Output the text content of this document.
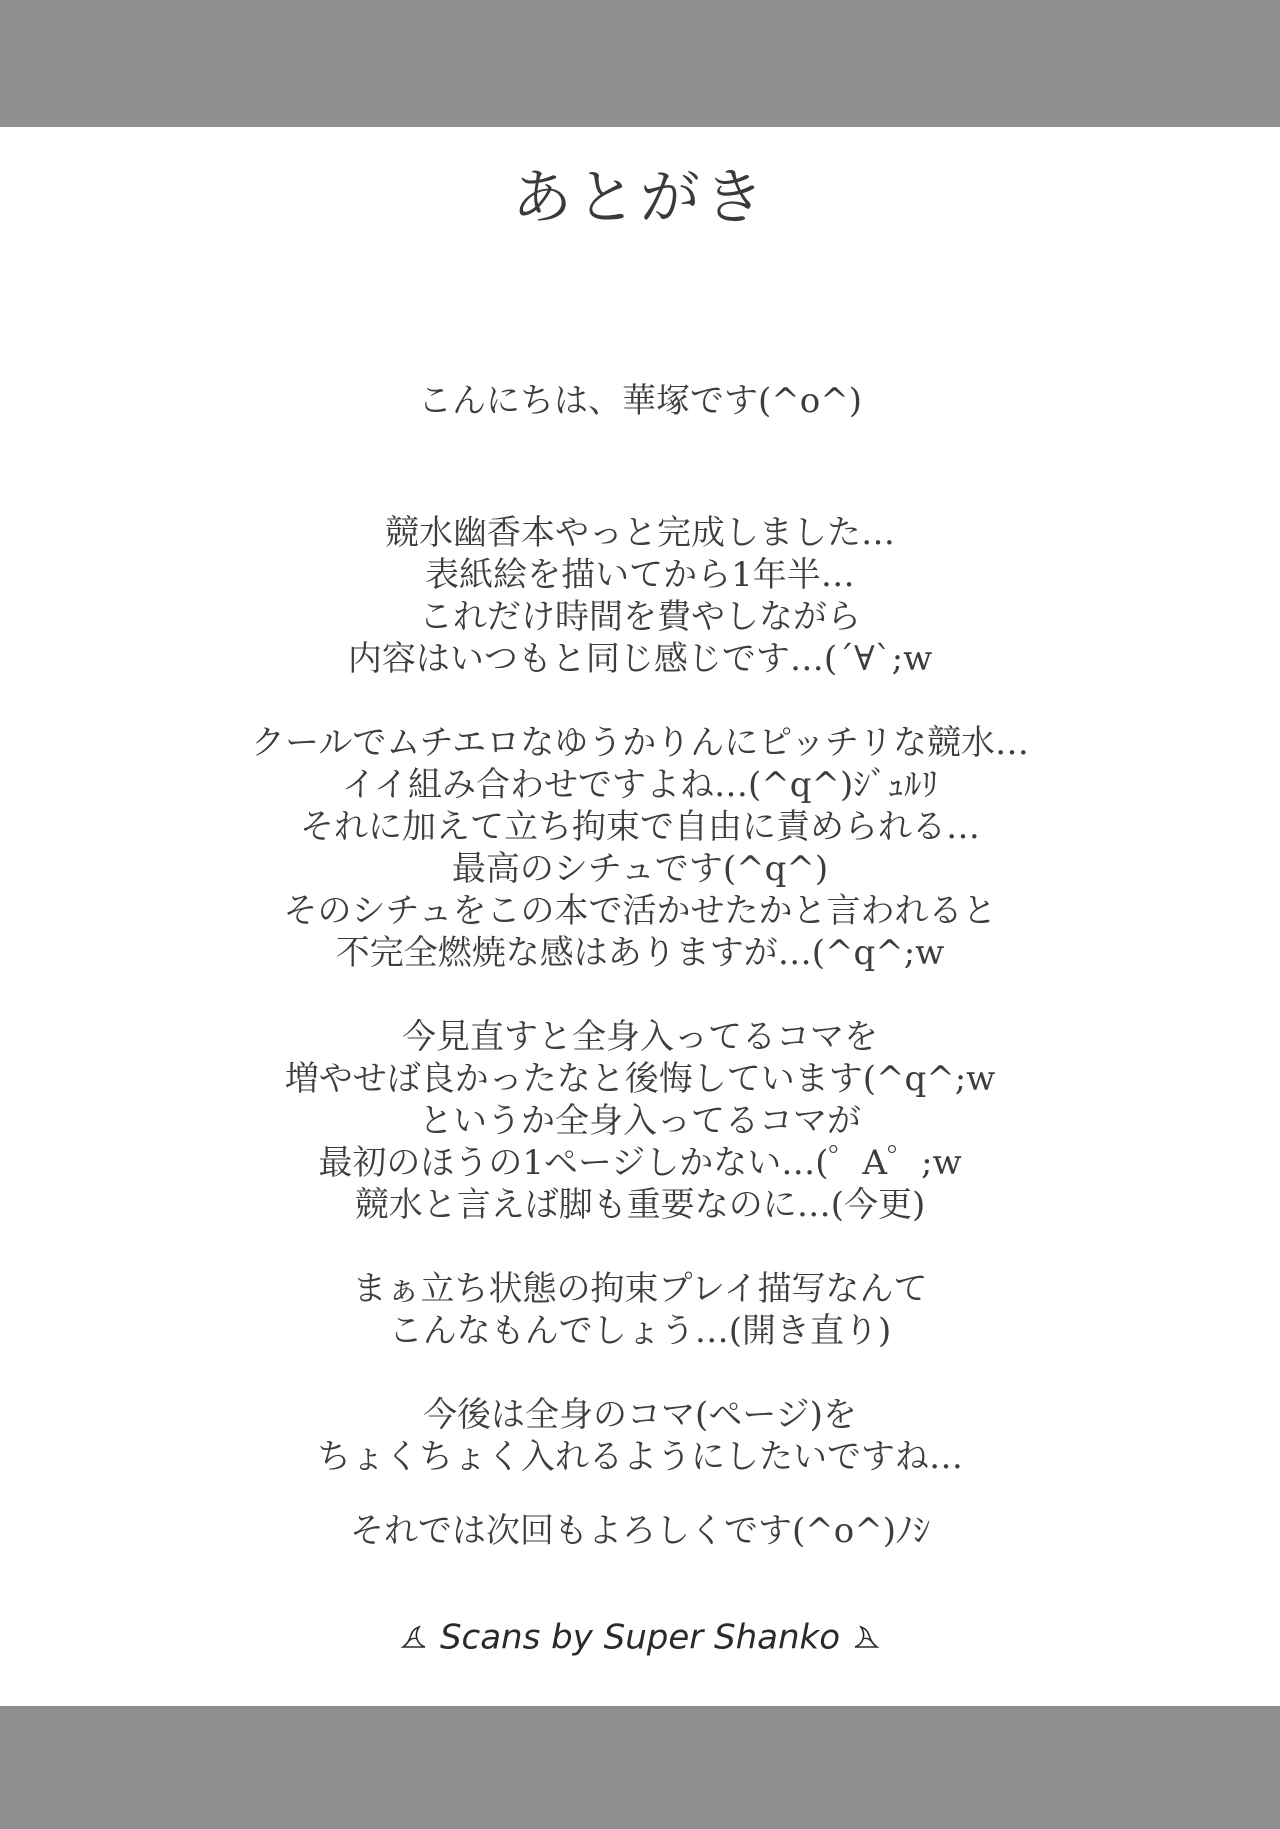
あとがき

こんにちは、華塚です(^o^)

競水幽香本やっと完成しました…
表紙絵を描いてから1年半…
これだけ時間を費やしながら
内容はいつもと同じ感じです…(´∀`;w

クールでムチエロなゆうかりんにピッチリな競水…
イイ組み合わせですよね…(^q^)ｼﾞｭﾙﾘ
それに加えて立ち拘束で自由に責められる…
最高のシチュです(^q^)
そのシチュをこの本で活かせたかと言われると
不完全燃焼な感はありますが…(^q^;w

今見直すと全身入ってるコマを
増やせば良かったなと後悔しています(^q^;w
というか全身入ってるコマが
最初のほうの1ページしかない…(゜A゜;w
競水と言えば脚も重要なのに…(今更)

まぁ立ち状態の拘束プレイ描写なんて
こんなもんでしょう…(開き直り)

今後は全身のコマ(ページ)を
ちょくちょく入れるようにしたいですね…

それでは次回もよろしくです(^o^)ﾉｼ
Scans by Super Shanko
